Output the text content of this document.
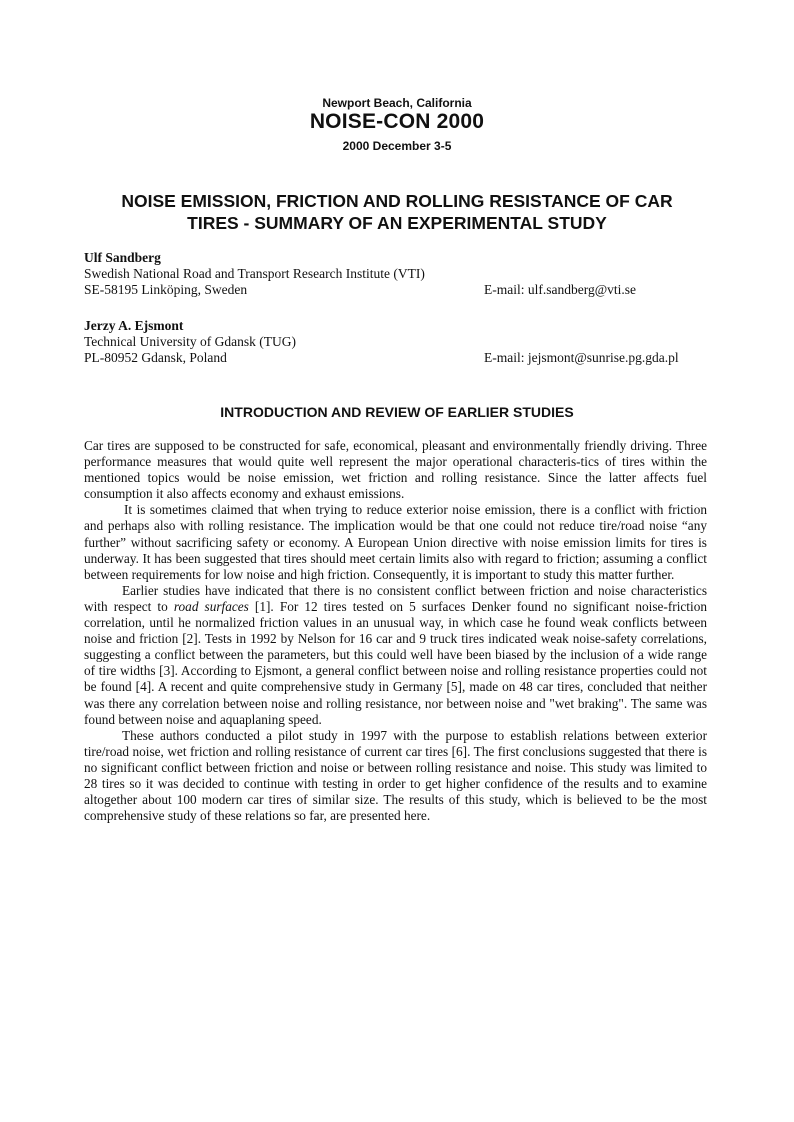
Newport Beach, California
NOISE-CON 2000
2000 December 3-5
NOISE EMISSION, FRICTION AND ROLLING RESISTANCE OF CAR
TIRES - SUMMARY OF AN EXPERIMENTAL STUDY
Ulf Sandberg
Swedish National Road and Transport Research Institute (VTI)
SE-58195 Linköping, Sweden	E-mail: ulf.sandberg@vti.se
Jerzy A. Ejsmont
Technical University of Gdansk (TUG)
PL-80952 Gdansk, Poland	E-mail: jejsmont@sunrise.pg.gda.pl
INTRODUCTION AND REVIEW OF EARLIER STUDIES

Car tires are supposed to be constructed for safe, economical, pleasant and environmentally friendly driving. Three performance measures that would quite well represent the major operational characteris-tics of tires within the mentioned topics would be noise emission, wet friction and rolling resistance. Since the latter affects fuel consumption it also affects economy and exhaust emissions.

It is sometimes claimed that when trying to reduce exterior noise emission, there is a conflict with friction and perhaps also with rolling resistance. The implication would be that one could not reduce tire/road noise “any further” without sacrificing safety or economy. A European Union directive with noise emission limits for tires is underway. It has been suggested that tires should meet certain limits also with regard to friction; assuming a conflict between requirements for low noise and high friction. Consequently, it is important to study this matter further.

Earlier studies have indicated that there is no consistent conflict between friction and noise characteristics with respect to road surfaces [1]. For 12 tires tested on 5 surfaces Denker found no significant noise-friction correlation, until he normalized friction values in an unusual way, in which case he found weak conflicts between noise and friction [2]. Tests in 1992 by Nelson for 16 car and 9 truck tires indicated weak noise-safety correlations, suggesting a conflict between the parameters, but this could well have been biased by the inclusion of a wide range of tire widths [3]. According to Ejsmont, a general conflict between noise and rolling resistance properties could not be found [4]. A recent and quite comprehensive study in Germany [5], made on 48 car tires, concluded that neither was there any correlation between noise and rolling resistance, nor between noise and "wet braking". The same was found between noise and aquaplaning speed.

These authors conducted a pilot study in 1997 with the purpose to establish relations between exterior tire/road noise, wet friction and rolling resistance of current car tires [6]. The first conclusions suggested that there is no significant conflict between friction and noise or between rolling resistance and noise. This study was limited to 28 tires so it was decided to continue with testing in order to get higher confidence of the results and to examine altogether about 100 modern car tires of similar size. The results of this study, which is believed to be the most comprehensive study of these relations so far, are presented here.
